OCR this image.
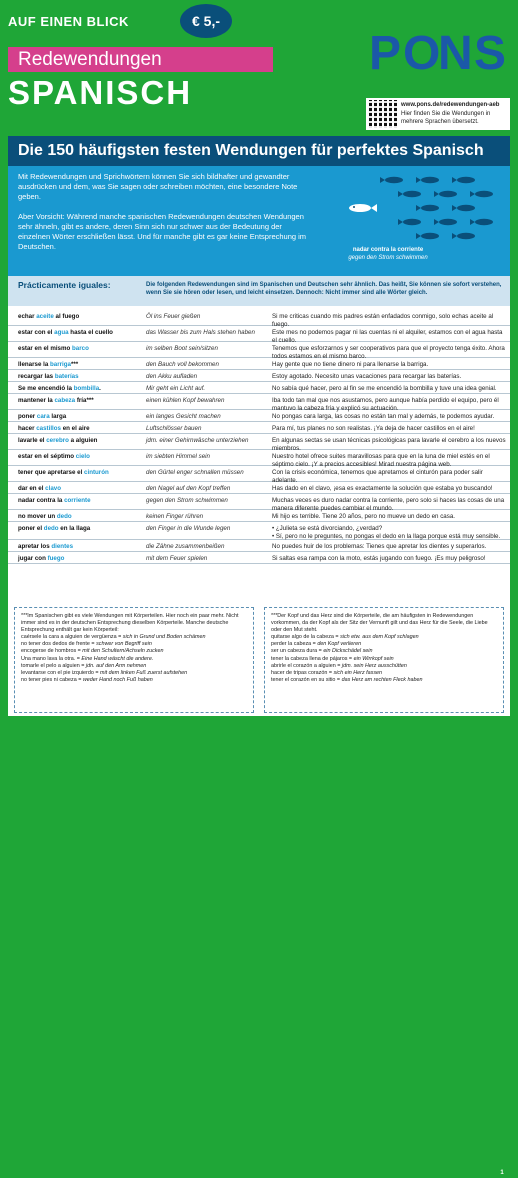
AUF EINEN BLICK	€ 5,-
P O
N S
Redewendungen
SPANISCH	www.pons.de/redewendungen-aeb
Hier finden Sie die Wendungen in mehrere Sprachen übersetzt.
Die 150 häufigsten festen Wendungen für perfektes Spanisch

Mit Redewendungen und Sprichwörtern können Sie sich bildhafter und gewandter ausdrücken und dem, was Sie sagen oder schreiben möchten, eine besondere Note geben.

Aber Vorsicht: Während manche spanischen Redewendungen deutschen Wendungen sehr ähneln, gibt es andere, deren Sinn sich nur schwer aus der Bedeutung der einzelnen Wörter erschließen lässt. Und für manche gibt es gar keine Entsprechung im Deutschen.	nadar contra la corriente
gegen den Strom schwimmen
Prácticamente iguales:	Die folgenden Redewendungen sind im Spanischen und Deutschen sehr ähnlich. Das heißt, Sie können sie sofort verstehen, wenn Sie sie hören oder lesen, und leicht einsetzen. Dennoch: Nicht immer sind alle Wörter gleich.
echar aceite al fuego	Öl ins Feuer gießen	Si me criticas cuando mis padres están enfadados conmigo, solo echas aceite al fuego.
estar con el agua hasta el cuello	das Wasser bis zum Hals stehen haben	Este mes no podemos pagar ni las cuentas ni el alquiler, estamos con el agua hasta el cuello.
estar en el mismo barco	im selben Boot sein/sitzen	Tenemos que esforzarnos y ser cooperativos para que el proyecto tenga éxito. Ahora todos estamos en el mismo barco.
llenarse la barriga***	den Bauch voll bekommen	Hay gente que no tiene dinero ni para llenarse la barriga.
recargar las baterías	den Akku aufladen	Estoy agotado. Necesito unas vacaciones para recargar las baterías.
Se me encendió la bombilla.	Mir geht ein Licht auf.	No sabía qué hacer, pero al fin se me encendió la bombilla y tuve una idea genial.
mantener la cabeza fría***	einen kühlen Kopf bewahren	Iba todo tan mal que nos asustamos, pero aunque había perdido el equipo, pero él mantuvo la cabeza fría y explicó su actuación.
poner cara larga	ein langes Gesicht machen	No pongas cara larga, las cosas no están tan mal y además, te podemos ayudar.
hacer castillos en el aire	Luftschlösser bauen	Para mí, tus planes no son realistas. ¡Ya deja de hacer castillos en el aire!
lavarle el cerebro a alguien	jdm. einer Gehirnwäsche unterziehen	En algunas sectas se usan técnicas psicológicas para lavarle el cerebro a los nuevos miembros.
estar en el séptimo cielo	im siebten Himmel sein	Nuestro hotel ofrece suites maravillosas para que en la luna de miel estés en el séptimo cielo. ¡Y a precios accesibles! Mirad nuestra página web.
tener que apretarse el cinturón	den Gürtel enger schnallen müssen	Con la crisis económica, tenemos que apretarnos el cinturón para poder salir adelante.
dar en el clavo	den Nagel auf den Kopf treffen	Has dado en el clavo, ¡esa es exactamente la solución que estaba yo buscando!
nadar contra la corriente	gegen den Strom schwimmen	Muchas veces es duro nadar contra la corriente, pero solo si haces las cosas de una manera diferente puedes cambiar el mundo.
no mover un dedo	keinen Finger rühren	Mi hijo es terrible. Tiene 20 años, pero no mueve un dedo en casa.
poner el dedo en la llaga	den Finger in die Wunde legen	• ¿Julieta se está divorciando, ¿verdad?
• Sí, pero no le preguntes, no pongas el dedo en la llaga porque está muy sensible.
apretar los dientes	die Zähne zusammenbeißen	No puedes huir de los problemas: Tienes que apretar los dientes y superarlos.
jugar con fuego	mit dem Feuer spielen	Si saltas esa rampa con la moto, estás jugando con fuego. ¡Es muy peligroso!
***Im Spanischen gibt es viele Wendungen mit Körperteilen. Hier noch ein paar mehr. Nicht immer sind es in der deutschen Entsprechung dieselben Körperteile. Manche deutsche Entsprechung enthält gar kein Körperteil:
caérsele la cara a alguien de vergüenza = sich in Grund und Boden schämen
no tener dos dedos de frente = schwer von Begriff sein
encogerse de hombros = mit den Schultern/Achseln zucken
Una mano lava la otra. = Eine Hand wäscht die andere.
tomarle el pelo a alguien = jdn. auf den Arm nehmen
levantarse con el pie izquierdo = mit dem linken Fuß zuerst aufstehen
no tener pies ni cabeza = weder Hand noch Fuß haben
***Der Kopf und das Herz sind die Körperteile, die am häufigsten in Redewendungen vorkommen, da der Kopf als der Sitz der Vernunft gilt und das Herz für die Seele, die Liebe oder den Mut steht.
quitarse algo de la cabeza = sich etw. aus dem Kopf schlagen
perder la cabeza = den Kopf verlieren
ser un cabeza dura = ein Dickschädel sein
tener la cabeza llena de pájaros = ein Wirrkopf sein
abrirle el corazón a alguien = jdm. sein Herz ausschütten
hacer de tripas corazón = sich ein Herz fassen
tener el corazón en su sitio = das Herz am rechten Fleck haben
1
